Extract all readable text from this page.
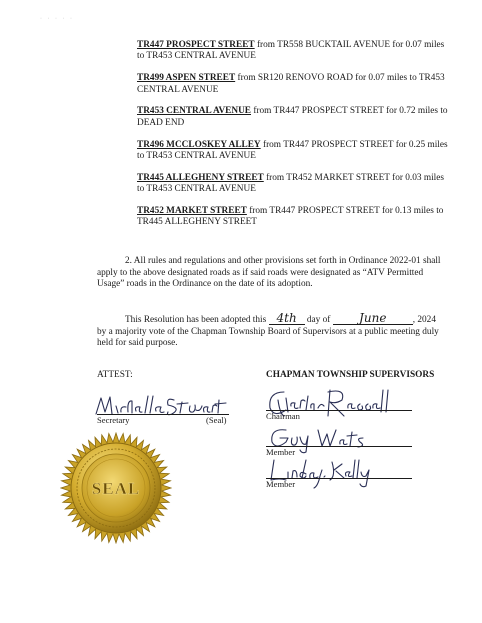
· · · · ·
TR447 PROSPECT STREET from TR558 BUCKTAIL AVENUE for 0.07 miles to TR453 CENTRAL AVENUE
TR499 ASPEN STREET from SR120 RENOVO ROAD for 0.07 miles to TR453 CENTRAL AVENUE
TR453 CENTRAL AVENUE from TR447 PROSPECT STREET for 0.72 miles to DEAD END
TR496 MCCLOSKEY ALLEY from TR447 PROSPECT STREET for 0.25 miles to TR453 CENTRAL AVENUE
TR445 ALLEGHENY STREET from TR452 MARKET STREET for 0.03 miles to TR453 CENTRAL AVENUE
TR452 MARKET STREET from TR447 PROSPECT STREET for 0.13 miles to TR445 ALLEGHENY STREET
2. All rules and regulations and other provisions set forth in Ordinance 2022-01 shall apply to the above designated roads as if said roads were designated as “ATV Permitted Usage” roads in the Ordinance on the date of its adoption.
This Resolution has been adopted this 4th day of June	, 2024 by a majority vote of the Chapman Township Board of Supervisors at a public meeting duly held for said purpose.
ATTEST:	CHAPMAN TOWNSHIP SUPERVISORS
Secretary	(Seal)	Chairman
Member
Member
SEAL
